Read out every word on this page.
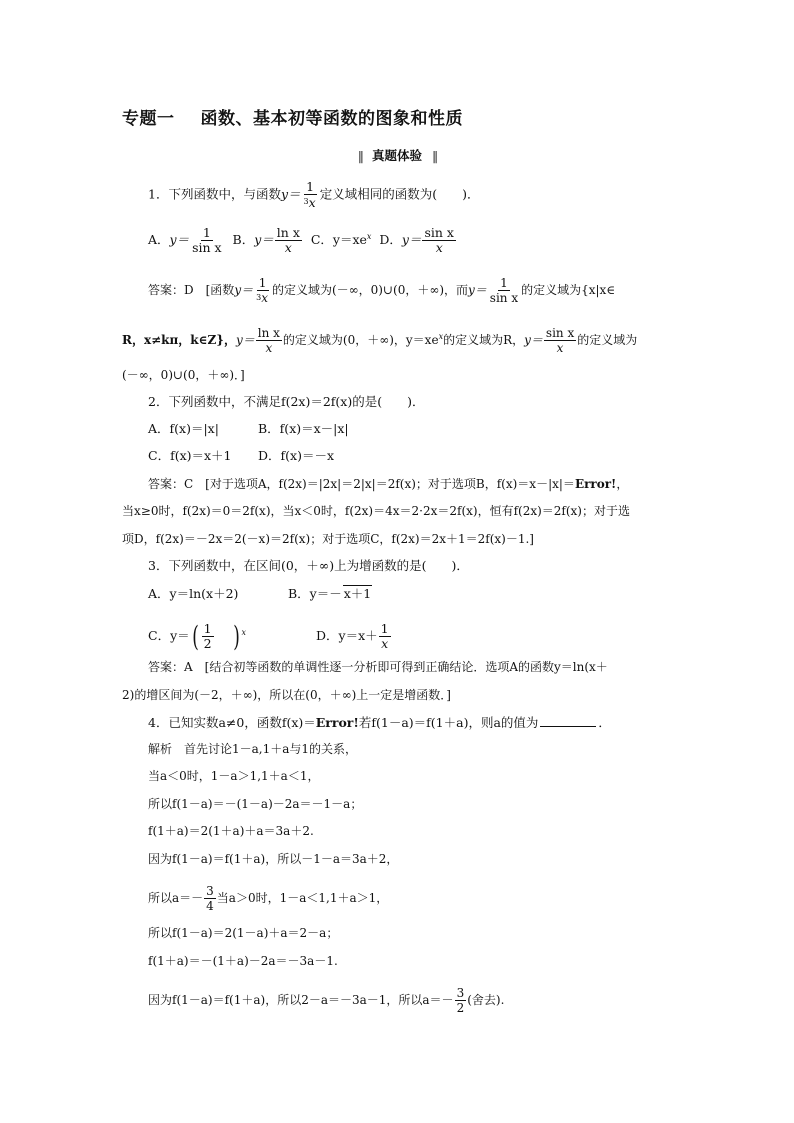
专题一 函数、基本初等函数的图象和性质
‖ 真题体验 ‖
1．下列函数中，与函数$y= \frac{1}{^3x}$ 定义域相同的函数为(　　)．
A．$y= \frac{1}{\text{sin x}}$ B．$y= \frac{\text{ln x}}{x}$ C．$y=xe^x$ D．$y= \frac{\text{sin x}}{x}$
答案：D　[函数$y= \frac{1}{^3x}$ 的定义域为(－∞，0)∪(0，＋∞)，而$y= \frac{1}{\text{sin x}}$ 的定义域为{x|x∈
R，x≠kπ，k∈Z}，$y= \frac{\text{ln x}}{x}$ 的定义域为(0，＋∞)，$y=xe^x$的定义域为R，$y= \frac{\text{sin x}}{x}$ 的定义域为
(－∞，0)∪(0，＋∞)．]
2．下列函数中，不满足f(2x)＝2f(x)的是(　　)．
A．f(x)＝|x|	B．f(x)＝x－|x|
C．f(x)＝x＋1 D．f(x)＝－x
答案：C　[对于选项A，f(2x)＝|2x|＝2|x|＝2f(x)；对于选项B，f(x)＝x－|x|＝Error!，
当x≥0时，f(2x)＝0＝2f(x)，当x＜0时，f(2x)＝4x＝2·2x＝2f(x)，恒有f(2x)＝2f(x)；对于选
项D，f(2x)＝－2x＝2(－x)＝2f(x)；对于选项C，f(2x)＝2x＋1＝2f(x)－1.]
3．下列函数中，在区间(0，＋∞)上为增函数的是(　　)．
A．y＝ln(x＋2)	B．y＝－ x＋1
C．y＝ ( $\frac{1}{2}$ ) $^x$	D．$y=x+ \frac{1}{x}$
答案：A　[结合初等函数的单调性逐一分析即可得到正确结论．选项A的函数y＝ln(x＋
2)的增区间为(－2，＋∞)，所以在(0，＋∞)上一定是增函数．]
4．已知实数a≠0，函数f(x)＝Error!若f(1－a)＝f(1＋a)，则a的值为	．
解析　首先讨论1－a,1＋a与1的关系，
当a＜0时，1－a＞1,1＋a＜1，
所以f(1－a)＝－(1－a)－2a＝－1－a；
f(1＋a)＝2(1＋a)＋a＝3a＋2.
因为f(1－a)＝f(1＋a)，所以－1－a＝3a＋2，
所以$a=- \frac{3}{4}$ 当a＞0时，1－a＜1,1＋a＞1，
所以f(1－a)＝2(1－a)＋a＝2－a；
f(1＋a)＝－(1＋a)－2a＝－3a－1.
因为f(1－a)＝f(1＋a)，所以2－a＝－3a－1，所以$a=- \frac{3}{2}$ (舍去).
